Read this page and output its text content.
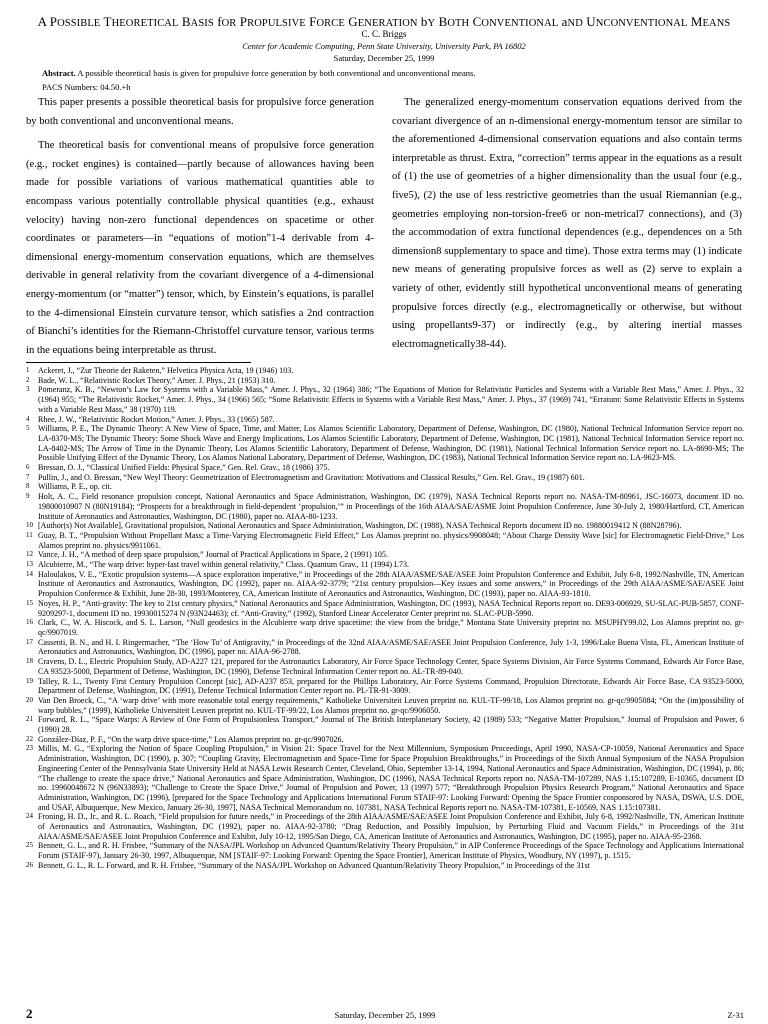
A POSSIBLE THEORETICAL BASIS fOR PROPULSIVE FORCE GENERATION bY BOTH CONVENTIONAL aND UNCONVENTIONAL MEANS
C. C. Briggs
Center for Academic Computing, Penn State University, University Park, PA 16802
Saturday, December 25, 1999
Abstract. A possible theoretical basis is given for propulsive force generation by both conventional and unconventional means.
PACS Numbers: 04.50.+h

This paper presents a possible theoretical basis for propulsive force generation by both conventional and unconventional means.

The theoretical basis for conventional means of propulsive force generation (e.g., rocket engines) is contained—partly because of allowances having been made for possible variations of various mathematical quantities able to encompass various potentially controllable physical quantities (e.g., exhaust velocity) having non-zero functional dependences on spacetime or other coordinates or parameters—in “equations of motion”1-4 derivable from 4-dimensional energy-momentum conservation equations, which are themselves derivable in general relativity from the covariant divergence of a 4-dimensional energy-momentum (or “matter”) tensor, which, by Einstein’s equations, is parallel to the 4-dimensional Einstein curvature tensor, which satisfies a 2nd contraction of Bianchi’s identities for the Riemann-Christoffel curvature tensor, various terms in the equations being interpretable as thrust.

The generalized energy-momentum conservation equations derived from the covariant divergence of an n-dimensional energy-momentum tensor are similar to the aforementioned 4-dimensional conservation equations and also contain terms interpretable as thrust. Extra, “correction” terms appear in the equations as a result of (1) the use of geometries of a higher dimensionality than the usual four (e.g., five5), (2) the use of less restrictive geometries than the usual Riemannian (e.g., geometries employing non-torsion-free6 or non-metrical7 connections), and (3) the accommodation of extra functional dependences (e.g., dependences on a 5th dimension8 supplementary to space and time). Those extra terms may (1) indicate new means of generating propulsive forces as well as (2) serve to explain a variety of other, evidently still hypothetical unconventional means of generating propulsive forces directly (e.g., electromagnetically or otherwise, but without using propellants9-37) or indirectly (e.g., by altering inertial masses electromagnetically38-44).

1	Ackeret, J., “Zur Theorie der Raketen,” Helvetica Physica Acta, 19 (1946) 103.
2	Bade, W. L., “Relativistic Rocket Theory,” Amer. J. Phys., 21 (1953) 310.
3	Pomeranz, K. B., “Newton’s Law for Systems with a Variable Mass,” Amer. J. Phys., 32 (1964) 386; “The Equations of Motion for Relativistic Particles and Systems with a Variable Rest Mass,” Amer. J. Phys., 32 (1964) 955; “The Relativistic Rocket,” Amer. J. Phys., 34 (1966) 565; “Some Relativistic Effects in Systems with a Variable Rest Mass,” Amer. J. Phys., 37 (1969) 741, “Erratum: Some Relativistic Effects in Systems with a Variable Rest Mass,” 38 (1970) 119.
4	Rhee, J. W., “Relativistic Rocket Motion,” Amer. J. Phys., 33 (1965) 587.
5	Williams, P. E., The Dynamic Theory: A New View of Space, Time, and Matter, Los Alamos Scientific Laboratory, Department of Defense, Washington, DC (1980), National Technical Information Service report no. LA-8370-MS; The Dynamic Theory: Some Shock Wave and Energy Implications, Los Alamos Scientific Laboratory, Department of Defense, Washington, DC (1981), National Technical Information Service report no. LA-8402-MS; The Arrow of Time in the Dynamic Theory, Los Alamos Scientific Laboratory, Department of Defense, Washington, DC (1981), National Technical Information Service report no. LA-8690-MS; The Possible Unifying Effect of the Dynamic Theory, Los Alamos National Laboratory, Department of Defense, Washington, DC (1983), National Technical Information Service report no. LA-9623-MS.
6	Bressan, O. J., “Classical Unified Fields: Physical Space,” Gen. Rel. Grav., 18 (1986) 375.
7	Pullin, J., and O. Bressan, “New Weyl Theory: Geometrization of Electromagnetism and Gravitation: Motivations and Classical Results,” Gen. Rel. Grav., 19 (1987) 601.
8	Williams, P. E., op. cit.
9	Holt, A. C., Field resonance propulsion concept, National Aeronautics and Space Administration, Washington, DC (1979), NASA Technical Reports report no. NASA-TM-80961, JSC-16073, document ID no. 19800010907 N (80N19184); “Prospects for a breakthrough in field-dependent ‘propulsion,’” in Proceedings of the 16th AIAA/SAE/ASME Joint Propulsion Conference, June 30-July 2, 1980/Hartford, CT, American Institute of Aeronautics and Astronautics, Washington, DC (1980), paper no. AIAA-80-1233.
10 [Author(s) Not Available], Gravitational propulsion, National Aeronautics and Space Administration, Washington, DC (1988), NASA Technical Reports document ID no. 19880019412 N (88N28796).
11 Guay, B. T., “Propulsion Without Propellant Mass; a Time-Varying Electromagnetic Field Effect,” Los Alamos preprint no. physics/9908048; “About Charge Density Wave [sic] for Electromagnetic Field-Drive,” Los Alamos preprint no. physics/9911061.
12 Vance, J. H., “A method of deep space propulsion,” Journal of Practical Applications in Space, 2 (1991) 105.
13 Alcubierre, M., “The warp drive: hyper-fast travel within general relativity,” Class. Quantum Grav., 11 (1994) L73.
14 Haloulakos, V. E., “Exotic propulsion systems—A space exploration imperative,” in Proceedings of the 28th AIAA/ASME/SAE/ASEE Joint Propulsion Conference and Exhibit, July 6-8, 1992/Nashville, TN, American Institute of Aeronautics and Astronautics, Washington, DC (1992), paper no. AIAA-92-3779; “21st century propulsion—Key issues and some answers,” in Proceedings of the 29th AIAA/ASME/SAE/ASEE Joint Propulsion Conference & Exhibit, June 28-30, 1993/Monterey, CA, American Institute of Aeronautics and Astronautics, Washington, DC (1993), paper no. AIAA-93-1810.
15 Noyes, H. P., “Anti-gravity: The key to 21st century physics,” National Aeronautics and Space Administration, Washington, DC (1993), NASA Technical Reports report no. DE93-006929, SU-SLAC-PUB-5857, CONF-9209297-1, document ID no. 19930015274 N (93N24463); cf. “Anti-Gravity,” (1992), Stanford Linear Accelerator Center preprint no. SLAC-PUB-5990.
16 Clark, C., W. A. Hiscock, and S. L. Larson, “Null geodesics in the Alcubierre warp drive spacetime: the view from the bridge,” Montana State University preprint no. MSUPHY99.02, Los Alamos preprint no. gr-qc/9907019.
17 Cassenti, B. N., and H. I. Ringermacher, “The ‘How To’ of Antigravity,” in Proceedings of the 32nd AIAA/ASME/SAE/ASEE Joint Propulsion Conference, July 1-3, 1996/Lake Buena Vista, FL, American Institute of Aeronautics and Astronautics, Washington, DC (1996), paper no. AIAA-96-2788.
18 Cravens, D. L., Electric Propulsion Study, AD-A227 121, prepared for the Astronautics Laboratory, Air Force Space Technology Center, Space Systems Division, Air Force Systems Command, Edwards Air Force Base, CA 93523-5000, Department of Defense, Washington, DC (1990), Defense Technical Information Center report no. AL-TR-89-040.
19 Talley, R. L., Twenty First Century Propulsion Concept [sic], AD-A237 853, prepared for the Phillips Laboratory, Air Force Systems Command, Propulsion Directorate, Edwards Air Force Base, CA 93523-5000, Department of Defense, Washington, DC (1991), Defense Technical Information Center report no. PL-TR-91-3009.
20 Van Den Broeck, C., “A ‘warp drive’ with more reasonable total energy requirements,” Katholieke Universiteit Leuven preprint no. KUL-TF-99/18, Los Alamos preprint no. gr-qc/9905084; “On the (im)possibility of warp bubbles,” (1999), Katholieke Universiteit Leuven preprint no. KUL-TF-99/22, Los Alamos preprint no. gr-qc/9906050.
21 Forward, R. L., “Space Warps: A Review of One Form of Propulsionless Transport,” Journal of The British Interplanetary Society, 42 (1989) 533; “Negative Matter Propulsion,” Journal of Propulsion and Power, 6 (1990) 28.
22 González-Díaz, P. F., “On the warp drive space-time,” Los Alamos preprint no. gr-qc/9907026.
23 Millis, M. G., “Exploring the Notion of Space Coupling Propulsion,” in Vision 21: Space Travel for the Next Millennium, Symposium Proceedings, April 1990, NASA-CP-10059, National Aeronautics and Space Administration, Washington, DC (1990), p. 307; “Coupling Gravity, Electromagnetism and Space-Time for Space Propulsion Breakthroughs,” in Proceedings of the Sixth Annual Symposium of the NASA Propulsion Engineering Center of the Pennsylvania State University Held at NASA Lewis Research Center, Cleveland, Ohio, September 13-14, 1994, National Aeronautics and Space Administration, Washington, DC (1994), p. 86; “The challenge to create the space drive,” National Aeronautics and Space Administration, Washington, DC (1996), NASA Technical Reports report no. NASA-TM-107289, NAS 1.15:107289, E-10365, document ID no. 19960048672 N (96N33893); “Challenge to Create the Space Drive,” Journal of Propulsion and Power, 13 (1997) 577; “Breakthrough Propulsion Physics Research Program,” National Aeronautics and Space Administration, Washington, DC (1996), [prepared for the Space Technology and Applications International Forum STAIF-97: Looking Forward: Opening the Space Frontier cosponsored by NASA, DSWA, U.S. DOE, and USAF, Albuquerque, New Mexico, January 26-30, 1997], NASA Technical Memorandum no. 107381, NASA Technical Reports report no. NASA-TM-107381, E-10569, NAS 1.15:107381.
24 Froning, H. D., Jr., and R. L. Roach, “Field propulsion for future needs,” in Proceedings of the 28th AIAA/ASME/SAE/ASEE Joint Propulsion Conference and Exhibit, July 6-8, 1992/Nashville, TN, American Institute of Aeronautics and Astronautics, Washington, DC (1992), paper no. AIAA-92-3780; “Drag Reduction, and Possibly Impulsion, by Perturbing Fluid and Vacuum Fields,” in Proceedings of the 31st AIAA/ASME/SAE/ASEE Joint Propulsion Conference and Exhibit, July 10-12, 1995/San Diego, CA, American Institute of Aeronautics and Astronautics, Washington, DC (1995), paper no. AIAA-95-2368.
25 Bennett, G. L., and R. H. Frisbee, “Summary of the NASA/JPL Workshop on Advanced Quantum/Relativity Theory Propulsion,” in AIP Conference Proceedings of the Space Technology and Applications International Forum (STAIF-97), January 26-30, 1997, Albuquerque, NM [STAIF-97: Looking Forward: Opening the Space Frontier], American Institute of Physics, Woodbury, NY (1997), p. 1515.
26 Bennett, G. L., R. L. Forward, and R. H. Frisbee, “Summary of the NASA/JPL Workshop on Advanced Quantum/Relativity Theory Propulsion,” in Proceedings of the 31st
2	Saturday, December 25, 1999	Z-31
